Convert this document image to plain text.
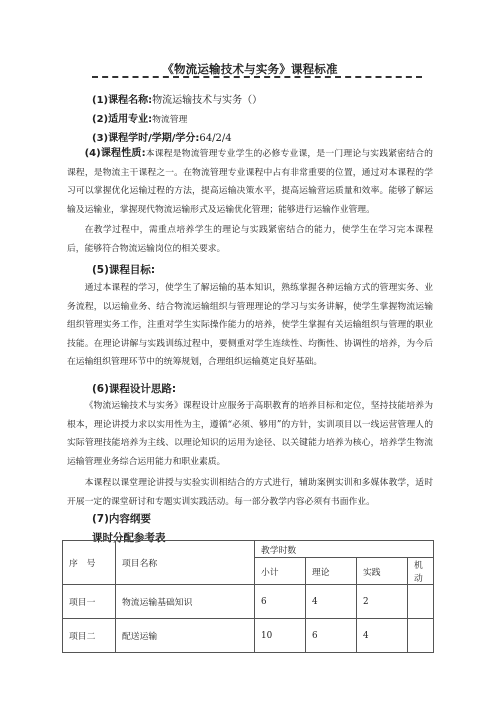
《物流运输技术与实务》课程标准
(1)课程名称:物流运输技术与实务（）
(2)适用专业:物流管理
(3)课程学时/学期/学分:64/2/4
(4)课程性质:本课程是物流管理专业学生的必修专业课，是一门理论与实践紧密结合的课程，是物流主干课程之一。在物流管理专业课程中占有非常重要的位置，通过对本课程的学习可以掌握优化运输过程的方法，提高运输决策水平，提高运输营运质量和效率。能够了解运输及运输业，掌握现代物流运输形式及运输优化管理；能够进行运输作业管理。
在教学过程中，需重点培养学生的理论与实践紧密结合的能力，使学生在学习完本课程后，能够符合物流运输岗位的相关要求。
(5)课程目标:
通过本课程的学习，使学生了解运输的基本知识，熟练掌握各种运输方式的管理实务、业务流程，以运输业务、结合物流运输组织与管理理论的学习与实务讲解，使学生掌握物流运输组织管理实务工作，注重对学生实际操作能力的培养，使学生掌握有关运输组织与管理的职业技能。在理论讲解与实践训练过程中，要侧重对学生连续性、均衡性、协调性的培养，为今后在运输组织管理环节中的统筹规划，合理组织运输奠定良好基础。
(6)课程设计思路:
《物流运输技术与实务》课程设计应服务于高职教育的培养目标和定位，坚持技能培养为根本，理论讲授力求以实用性为主，遵循“必须、够用”的方针，实训项目以一线运营管理人的实际管理技能培养为主线、以理论知识的运用为途径、以关键能力培养为核心，培养学生物流运输管理业务综合运用能力和职业素质。
本课程以课堂理论讲授与实验实训相结合的方式进行，辅助案例实训和多媒体教学，适时开展一定的课堂研讨和专题实训实践活动。每一部分教学内容必须有书面作业。
(7)内容纲要
课时分配参考表
序　号	项目名称	教学时数			
		小计	理论	实践	机动
项目一	物流运输基础知识	6	4	2	
项目二	配送运输	10	6	4	
